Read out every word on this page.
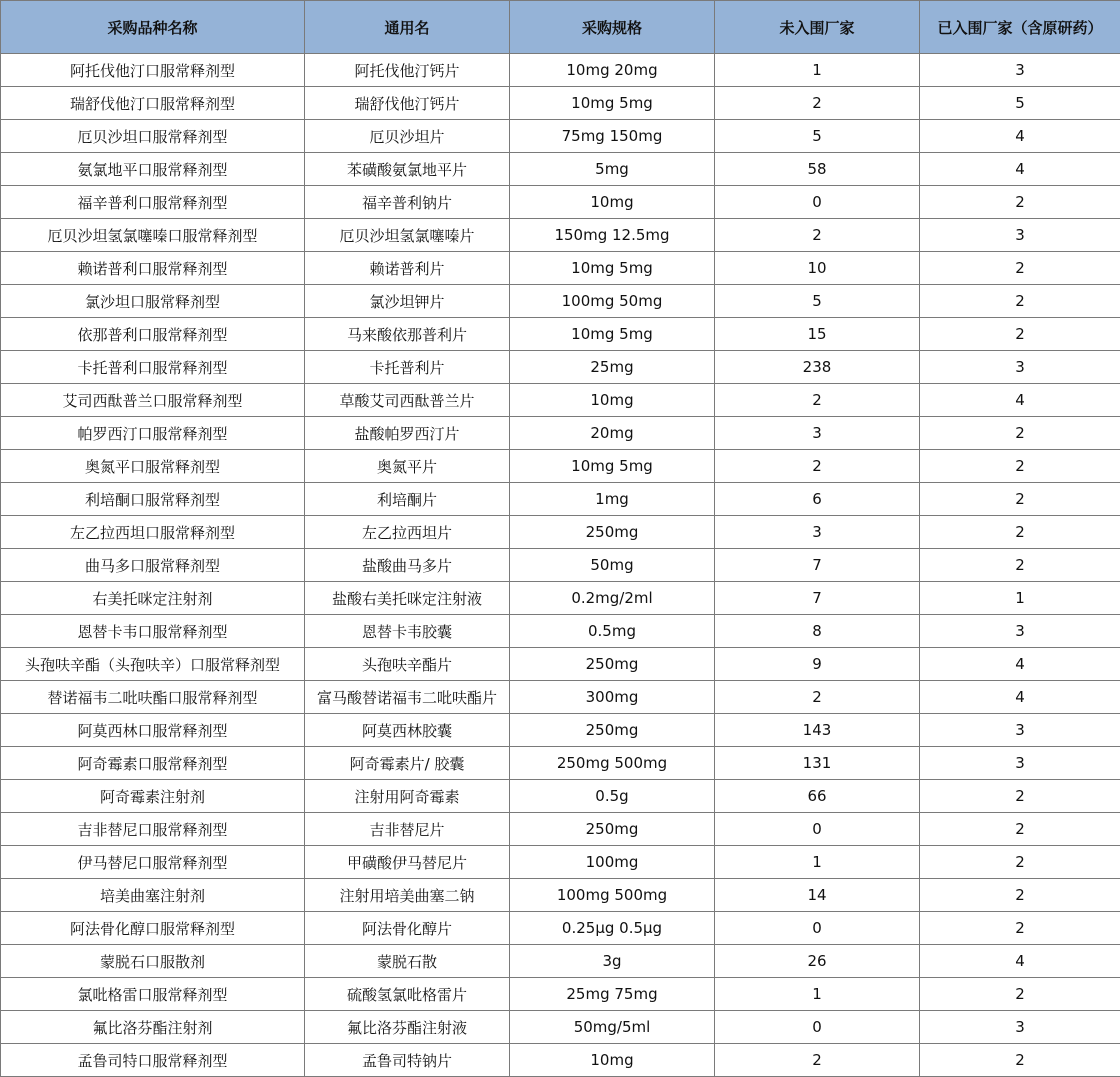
采购品种名称	通用名	采购规格	未入围厂家	已入围厂家（含原研药）
阿托伐他汀口服常释剂型	阿托伐他汀钙片	10mg 20mg	1	3
瑞舒伐他汀口服常释剂型	瑞舒伐他汀钙片	10mg 5mg	2	5
厄贝沙坦口服常释剂型	厄贝沙坦片	75mg 150mg	5	4
氨氯地平口服常释剂型	苯磺酸氨氯地平片	5mg	58	4
福辛普利口服常释剂型	福辛普利钠片	10mg	0	2
厄贝沙坦氢氯噻嗪口服常释剂型	厄贝沙坦氢氯噻嗪片	150mg 12.5mg	2	3
赖诺普利口服常释剂型	赖诺普利片	10mg 5mg	10	2
氯沙坦口服常释剂型	氯沙坦钾片	100mg 50mg	5	2
依那普利口服常释剂型	马来酸依那普利片	10mg 5mg	15	2
卡托普利口服常释剂型	卡托普利片	25mg	238	3
艾司西酞普兰口服常释剂型	草酸艾司西酞普兰片	10mg	2	4
帕罗西汀口服常释剂型	盐酸帕罗西汀片	20mg	3	2
奥氮平口服常释剂型	奥氮平片	10mg 5mg	2	2
利培酮口服常释剂型	利培酮片	1mg	6	2
左乙拉西坦口服常释剂型	左乙拉西坦片	250mg	3	2
曲马多口服常释剂型	盐酸曲马多片	50mg	7	2
右美托咪定注射剂	盐酸右美托咪定注射液	0.2mg/2ml	7	1
恩替卡韦口服常释剂型	恩替卡韦胶囊	0.5mg	8	3
头孢呋辛酯（头孢呋辛）口服常释剂型	头孢呋辛酯片	250mg	9	4
替诺福韦二吡呋酯口服常释剂型	富马酸替诺福韦二吡呋酯片	300mg	2	4
阿莫西林口服常释剂型	阿莫西林胶囊	250mg	143	3
阿奇霉素口服常释剂型	阿奇霉素片/ 胶囊	250mg 500mg	131	3
阿奇霉素注射剂	注射用阿奇霉素	0.5g	66	2
吉非替尼口服常释剂型	吉非替尼片	250mg	0	2
伊马替尼口服常释剂型	甲磺酸伊马替尼片	100mg	1	2
培美曲塞注射剂	注射用培美曲塞二钠	100mg 500mg	14	2
阿法骨化醇口服常释剂型	阿法骨化醇片	0.25μg 0.5μg	0	2
蒙脱石口服散剂	蒙脱石散	3g	26	4
氯吡格雷口服常释剂型	硫酸氢氯吡格雷片	25mg 75mg	1	2
氟比洛芬酯注射剂	氟比洛芬酯注射液	50mg/5ml	0	3
孟鲁司特口服常释剂型	孟鲁司特钠片	10mg	2	2
